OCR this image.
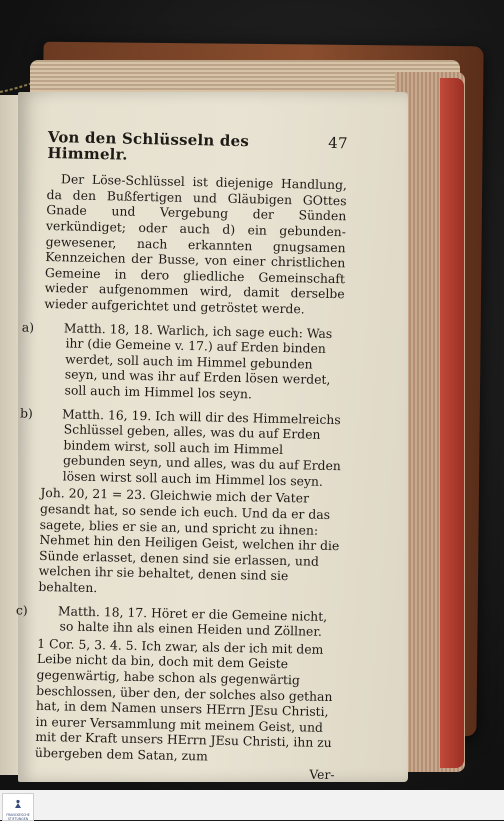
Von den Schlüsseln des Himmelr.
47
Der Löse-Schlüssel ist diejenige Handlung, da den Bußfertigen und Gläubigen GOttes Gnade und Vergebung der Sünden verkündiget; oder auch d) ein gebunden-gewesener, nach erkannten gnugsamen Kennzeichen der Busse, von einer christlichen Gemeine in dero gliedliche Gemeinschaft wieder aufgenommen wird, damit derselbe wieder aufgerichtet und getröstet werde.
a) Matth. 18, 18. Warlich, ich sage euch: Was ihr (die Gemeine v. 17.) auf Erden binden werdet, soll auch im Himmel gebunden seyn, und was ihr auf Erden lösen werdet, soll auch im Himmel los seyn.
b) Matth. 16, 19. Ich will dir des Himmelreichs Schlüssel geben, alles, was du auf Erden bindem wirst, soll auch im Himmel gebunden seyn, und alles, was du auf Erden lösen wirst soll auch im Himmel los seyn.
Joh. 20, 21 = 23. Gleichwie mich der Vater gesandt hat, so sende ich euch. Und da er das sagete, blies er sie an, und spricht zu ihnen: Nehmet hin den Heiligen Geist, welchen ihr die Sünde erlasset, denen sind sie erlassen, und welchen ihr sie behaltet, denen sind sie behalten.
c) Matth. 18, 17. Höret er die Gemeine nicht, so halte ihn als einen Heiden und Zöllner.
1 Cor. 5, 3. 4. 5. Ich zwar, als der ich mit dem Leibe nicht da bin, doch mit dem Geiste gegenwärtig, habe schon als gegenwärtig beschlossen, über den, der solches also gethan hat, in dem Namen unsers HErrn JEsu Christi, in eurer Versammlung mit meinem Geist, und mit der Kraft unsers HErrn JEsu Christi, ihn zu übergeben dem Satan, zum
Ver-
FRANCKESCHE
STIFTUNGEN
